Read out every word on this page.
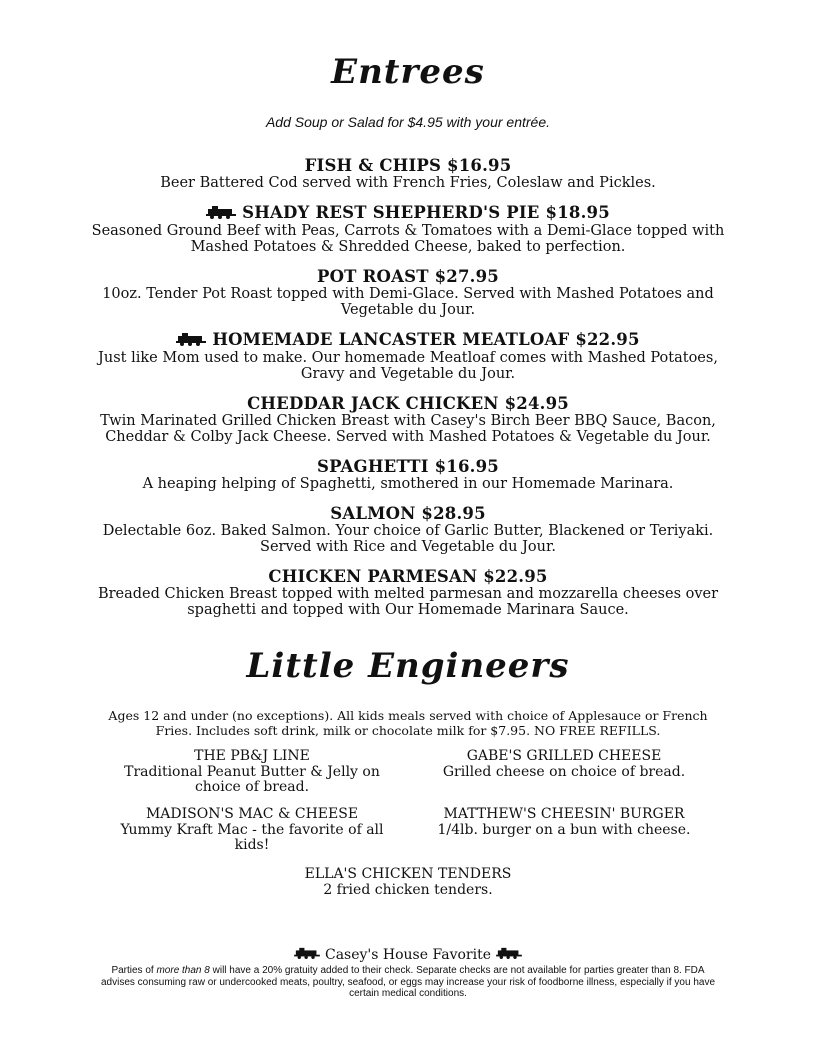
Entrees
Add Soup or Salad for $4.95 with your entrée.
FISH & CHIPS $16.95
Beer Battered Cod served with French Fries, Coleslaw and Pickles.
SHADY REST SHEPHERD'S PIE $18.95
Seasoned Ground Beef with Peas, Carrots & Tomatoes with a Demi-Glace topped with Mashed Potatoes & Shredded Cheese, baked to perfection.
POT ROAST $27.95
10oz. Tender Pot Roast topped with Demi-Glace. Served with Mashed Potatoes and Vegetable du Jour.
HOMEMADE LANCASTER MEATLOAF $22.95
Just like Mom used to make. Our homemade Meatloaf comes with Mashed Potatoes, Gravy and Vegetable du Jour.
CHEDDAR JACK CHICKEN $24.95
Twin Marinated Grilled Chicken Breast with Casey's Birch Beer BBQ Sauce, Bacon, Cheddar & Colby Jack Cheese. Served with Mashed Potatoes & Vegetable du Jour.
SPAGHETTI $16.95
A heaping helping of Spaghetti, smothered in our Homemade Marinara.
SALMON $28.95
Delectable 6oz. Baked Salmon. Your choice of Garlic Butter, Blackened or Teriyaki. Served with Rice and Vegetable du Jour.
CHICKEN PARMESAN $22.95
Breaded Chicken Breast topped with melted parmesan and mozzarella cheeses over spaghetti and topped with Our Homemade Marinara Sauce.
Little Engineers
Ages 12 and under (no exceptions). All kids meals served with choice of Applesauce or French Fries. Includes soft drink, milk or chocolate milk for $7.95. NO FREE REFILLS.
THE PB&J LINE
Traditional Peanut Butter & Jelly on choice of bread.
GABE'S GRILLED CHEESE
Grilled cheese on choice of bread.
MADISON'S MAC & CHEESE
Yummy Kraft Mac - the favorite of all kids!
MATTHEW'S CHEESIN' BURGER
1/4lb. burger on a bun with cheese.
ELLA'S CHICKEN TENDERS
2 fried chicken tenders.
Casey's House Favorite
Parties of more than 8 will have a 20% gratuity added to their check. Separate checks are not available for parties greater than 8. FDA advises consuming raw or undercooked meats, poultry, seafood, or eggs may increase your risk of foodborne illness, especially if you have certain medical conditions.
